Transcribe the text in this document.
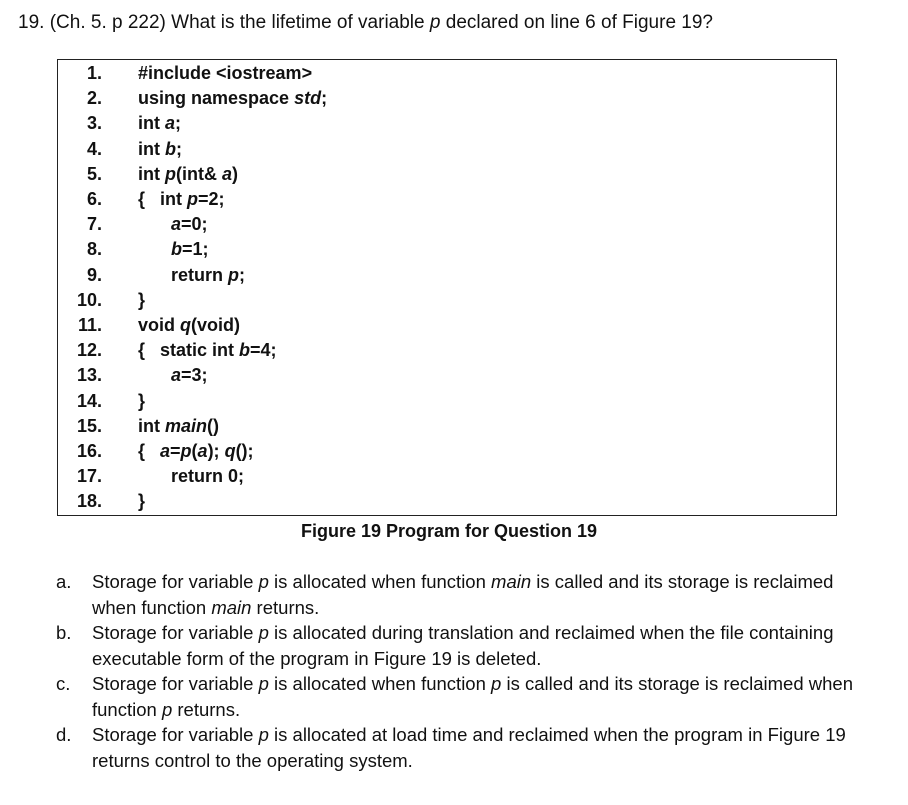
19. (Ch. 5. p 222) What is the lifetime of variable p declared on line 6 of Figure 19?
1. #include <iostream>
2. using namespace std;
3. int a;
4. int b;
5. int p(int& a)
6. {   int p=2;
7.	a=0;
8.	b=1;
9.	return p;
10. }
11. void q(void)
12. {   static int b=4;
13.	a=3;
14. }
15. int main()
16. {   a=p(a); q();
17.	return 0;
18. }
Figure 19 Program for Question 19
a.	Storage for variable p is allocated when function main is called and its storage is reclaimed when function main returns.
b.	Storage for variable p is allocated during translation and reclaimed when the file containing executable form of the program in Figure 19 is deleted.
c.	Storage for variable p is allocated when function p is called and its storage is reclaimed when function p returns.
d.	Storage for variable p is allocated at load time and reclaimed when the program in Figure 19 returns control to the operating system.
